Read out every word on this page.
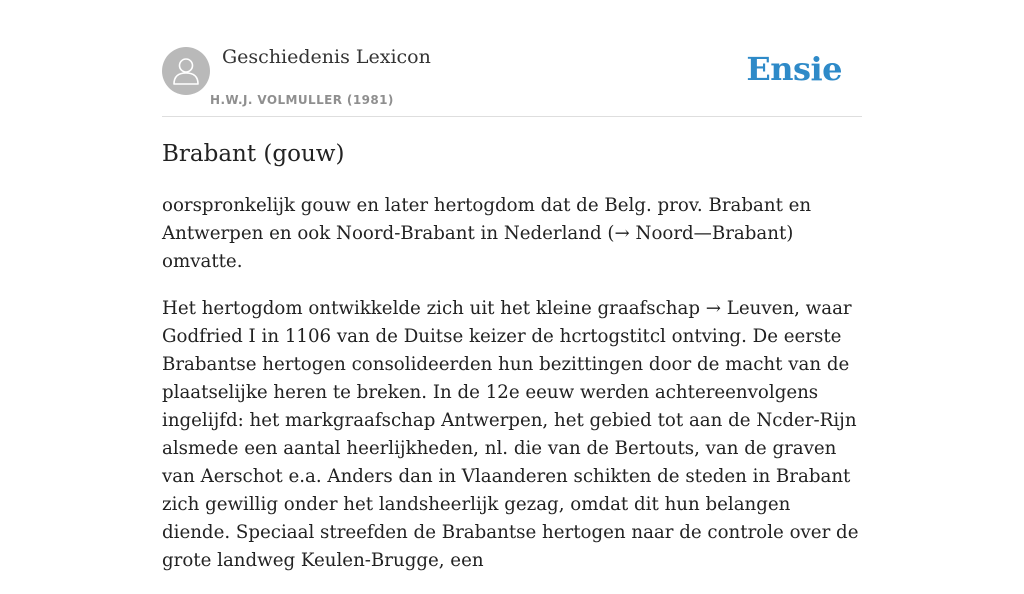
Geschiedenis Lexicon
H.W.J. VOLMULLER (1981)
Ensie
Brabant (gouw)

oorspronkelijk gouw en later hertogdom dat de Belg. prov. Brabant en Antwerpen en ook Noord-Brabant in Nederland (→ Noord—Brabant) omvatte.

Het hertogdom ontwikkelde zich uit het kleine graafschap → Leuven, waar Godfried I in 1106 van de Duitse keizer de hcrtogstitcl ontving. De eerste Brabantse hertogen consolideerden hun bezittingen door de macht van de plaatselijke heren te breken. In de 12e eeuw werden achtereenvolgens ingelijfd: het markgraafschap Antwerpen, het gebied tot aan de Ncder-Rijn alsmede een aantal heerlijkheden, nl. die van de Bertouts, van de graven van Aerschot e.a. Anders dan in Vlaanderen schikten de steden in Brabant zich gewillig onder het landsheerlijk gezag, omdat dit hun belangen diende. Speciaal streefden de Brabantse hertogen naar de controle over de grote landweg Keulen-Brugge, een
